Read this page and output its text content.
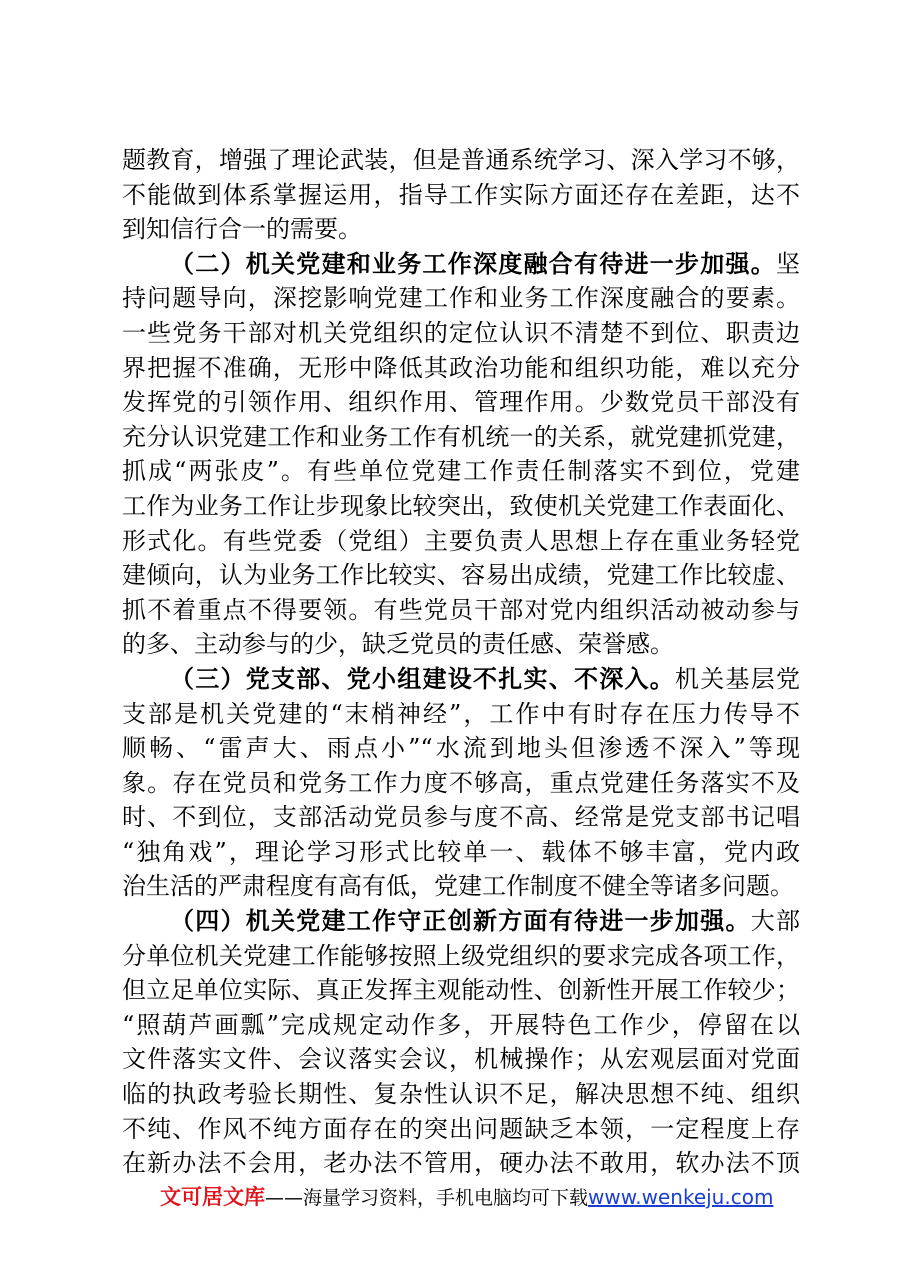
题教育，增强了理论武装，但是普通系统学习、深入学习不够，
不能做到体系掌握运用，指导工作实际方面还存在差距，达不
到知信行合一的需要。
（二）机关党建和业务工作深度融合有待进一步加强。坚
持问题导向，深挖影响党建工作和业务工作深度融合的要素。
一些党务干部对机关党组织的定位认识不清楚不到位、职责边
界把握不准确，无形中降低其政治功能和组织功能，难以充分
发挥党的引领作用、组织作用、管理作用。少数党员干部没有
充分认识党建工作和业务工作有机统一的关系，就党建抓党建，
抓成“两张皮”。有些单位党建工作责任制落实不到位，党建
工作为业务工作让步现象比较突出，致使机关党建工作表面化、
形式化。有些党委（党组）主要负责人思想上存在重业务轻党
建倾向，认为业务工作比较实、容易出成绩，党建工作比较虚、
抓不着重点不得要领。有些党员干部对党内组织活动被动参与
的多、主动参与的少，缺乏党员的责任感、荣誉感。
（三）党支部、党小组建设不扎实、不深入。机关基层党
支部是机关党建的“末梢神经”，工作中有时存在压力传导不
顺畅、“雷声大、雨点小”“水流到地头但渗透不深入”等现
象。存在党员和党务工作力度不够高，重点党建任务落实不及
时、不到位，支部活动党员参与度不高、经常是党支部书记唱
“独角戏”，理论学习形式比较单一、载体不够丰富，党内政
治生活的严肃程度有高有低，党建工作制度不健全等诸多问题。
（四）机关党建工作守正创新方面有待进一步加强。大部
分单位机关党建工作能够按照上级党组织的要求完成各项工作，
但立足单位实际、真正发挥主观能动性、创新性开展工作较少；
“照葫芦画瓢”完成规定动作多，开展特色工作少，停留在以
文件落实文件、会议落实会议，机械操作；从宏观层面对党面
临的执政考验长期性、复杂性认识不足，解决思想不纯、组织
不纯、作风不纯方面存在的突出问题缺乏本领，一定程度上存
在新办法不会用，老办法不管用，硬办法不敢用，软办法不顶
文可居文库——海量学习资料，手机电脑均可下载www.wenkeju.com
